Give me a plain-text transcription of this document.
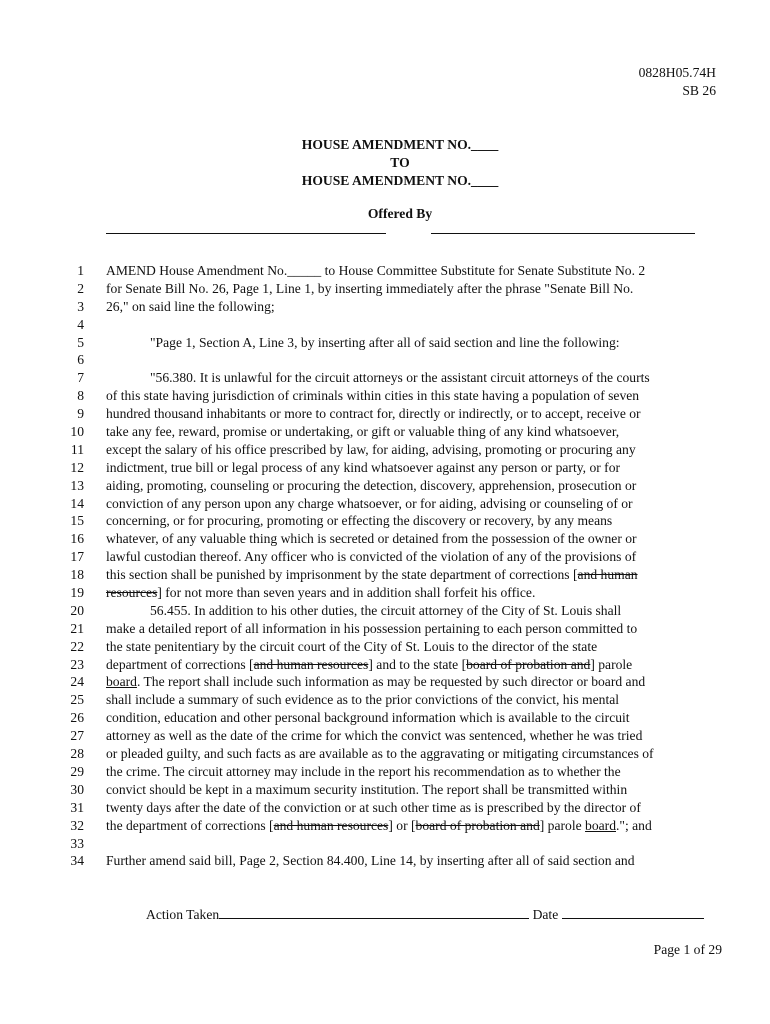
0828H05.74H
SB 26
HOUSE AMENDMENT NO.____
TO
HOUSE AMENDMENT NO.____
Offered By
1 AMEND House Amendment No._____ to House Committee Substitute for Senate Substitute No. 2
2 for Senate Bill No. 26, Page 1, Line 1, by inserting immediately after the phrase "Senate Bill No.
3 26," on said line the following;
4
5	"Page 1, Section A, Line 3, by inserting after all of said section and line the following:
6
7	"56.380. It is unlawful for the circuit attorneys or the assistant circuit attorneys of the courts
8 of this state having jurisdiction of criminals within cities in this state having a population of seven
9 hundred thousand inhabitants or more to contract for, directly or indirectly, or to accept, receive or
10 take any fee, reward, promise or undertaking, or gift or valuable thing of any kind whatsoever,
11 except the salary of his office prescribed by law, for aiding, advising, promoting or procuring any
12 indictment, true bill or legal process of any kind whatsoever against any person or party, or for
13 aiding, promoting, counseling or procuring the detection, discovery, apprehension, prosecution or
14 conviction of any person upon any charge whatsoever, or for aiding, advising or counseling of or
15 concerning, or for procuring, promoting or effecting the discovery or recovery, by any means
16 whatever, of any valuable thing which is secreted or detained from the possession of the owner or
17 lawful custodian thereof. Any officer who is convicted of the violation of any of the provisions of
18 this section shall be punished by imprisonment by the state department of corrections [and human
19 resources] for not more than seven years and in addition shall forfeit his office.
20	56.455. In addition to his other duties, the circuit attorney of the City of St. Louis shall
21 make a detailed report of all information in his possession pertaining to each person committed to
22 the state penitentiary by the circuit court of the City of St. Louis to the director of the state
23 department of corrections [and human resources] and to the state [board of probation and] parole
24 board. The report shall include such information as may be requested by such director or board and
25 shall include a summary of such evidence as to the prior convictions of the convict, his mental
26 condition, education and other personal background information which is available to the circuit
27 attorney as well as the date of the crime for which the convict was sentenced, whether he was tried
28 or pleaded guilty, and such facts as are available as to the aggravating or mitigating circumstances of
29 the crime. The circuit attorney may include in the report his recommendation as to whether the
30 convict should be kept in a maximum security institution. The report shall be transmitted within
31 twenty days after the date of the conviction or at such other time as is prescribed by the director of
32 the department of corrections [and human resources] or [board of probation and] parole board."; and
33
34 Further amend said bill, Page 2, Section 84.400, Line 14, by inserting after all of said section and
Action Taken	Date
Page 1 of 29
